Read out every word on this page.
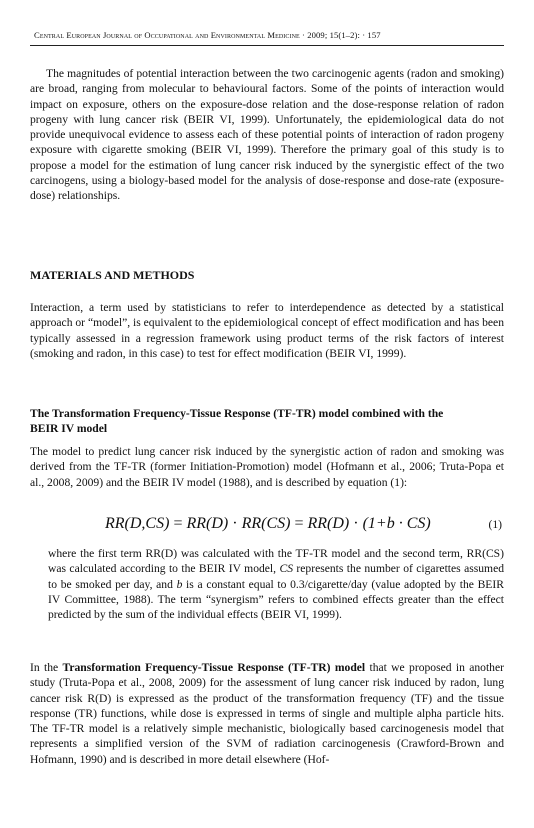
Central European Journal of Occupational and Environmental Medicine · 2009; 15(1–2): · 157

The magnitudes of potential interaction between the two carcinogenic agents (radon and smoking) are broad, ranging from molecular to behavioural factors. Some of the points of interaction would impact on exposure, others on the exposure-dose relation and the dose-response relation of radon progeny with lung cancer risk (BEIR VI, 1999). Unfortunately, the epidemiological data do not provide unequivocal evidence to assess each of these potential points of interaction of radon progeny exposure with cigarette smoking (BEIR VI, 1999). Therefore the primary goal of this study is to propose a model for the estimation of lung cancer risk induced by the synergistic effect of the two carcinogens, using a biology-based model for the analysis of dose-response and dose-rate (exposure-dose) relationships.

MATERIALS AND METHODS

Interaction, a term used by statisticians to refer to interdependence as detected by a statistical approach or “model”, is equivalent to the epidemiological concept of effect modification and has been typically assessed in a regression framework using product terms of the risk factors of interest (smoking and radon, in this case) to test for effect modification (BEIR VI, 1999).

The Transformation Frequency-Tissue Response (TF-TR) model combined with the BEIR IV model

The model to predict lung cancer risk induced by the synergistic action of radon and smoking was derived from the TF-TR (former Initiation-Promotion) model (Hofmann et al., 2006; Truta-Popa et al., 2008, 2009) and the BEIR IV model (1988), and is described by equation (1):

RR(D,CS) = RR(D) · RR(CS) = RR(D) · (1+b · CS)	(1)

where the first term RR(D) was calculated with the TF-TR model and the second term, RR(CS) was calculated according to the BEIR IV model, CS represents the number of cigarettes assumed to be smoked per day, and b is a constant equal to 0.3/cigarette/day (value adopted by the BEIR IV Committee, 1988). The term “synergism” refers to combined effects greater than the effect predicted by the sum of the individual effects (BEIR VI, 1999).

In the Transformation Frequency-Tissue Response (TF-TR) model that we proposed in another study (Truta-Popa et al., 2008, 2009) for the assessment of lung cancer risk induced by radon, lung cancer risk R(D) is expressed as the product of the transformation frequency (TF) and the tissue response (TR) functions, while dose is expressed in terms of single and multiple alpha particle hits. The TF-TR model is a relatively simple mechanistic, biologically based carcinogenesis model that represents a simplified version of the SVM of radiation carcinogenesis (Crawford-Brown and Hofmann, 1990) and is described in more detail elsewhere (Hof-
